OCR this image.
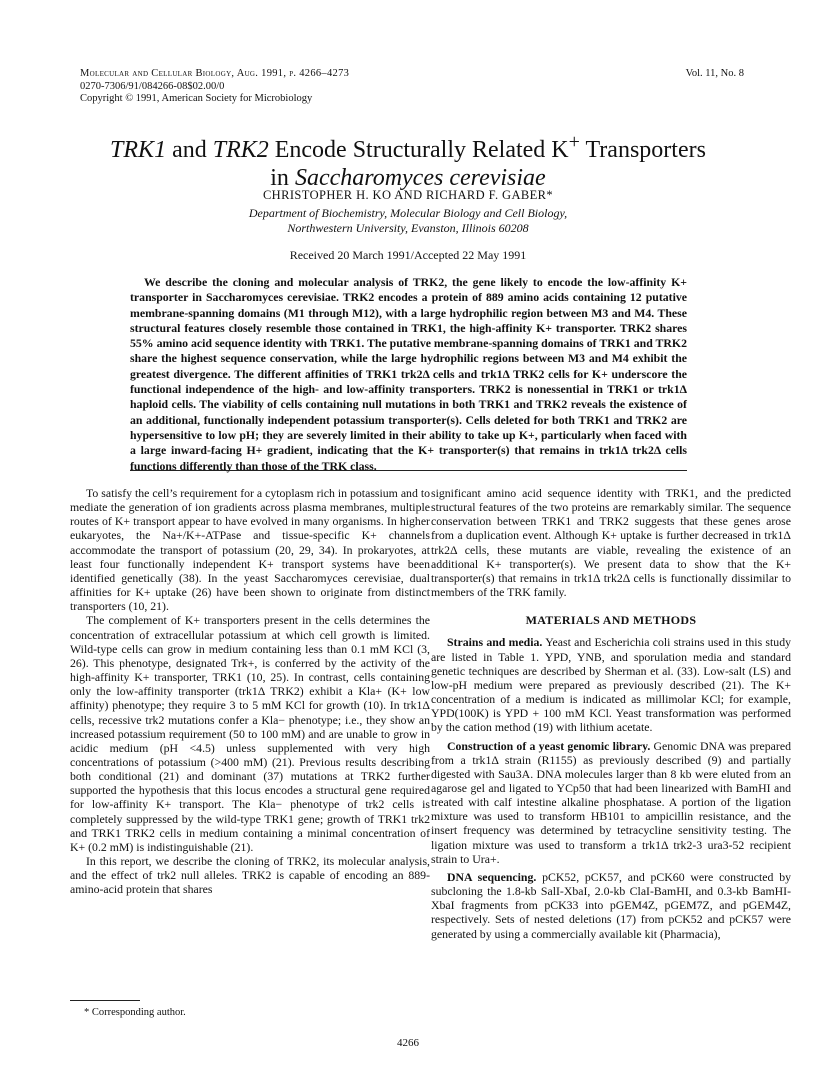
Molecular and Cellular Biology, Aug. 1991, p. 4266–4273
0270-7306/91/084266-08$02.00/0
Copyright © 1991, American Society for Microbiology
Vol. 11, No. 8
TRK1 and TRK2 Encode Structurally Related K+ Transporters
in Saccharomyces cerevisiae
CHRISTOPHER H. KO AND RICHARD F. GABER*
Department of Biochemistry, Molecular Biology and Cell Biology,
Northwestern University, Evanston, Illinois 60208
Received 20 March 1991/Accepted 22 May 1991

We describe the cloning and molecular analysis of TRK2, the gene likely to encode the low-affinity K+ transporter in Saccharomyces cerevisiae. TRK2 encodes a protein of 889 amino acids containing 12 putative membrane-spanning domains (M1 through M12), with a large hydrophilic region between M3 and M4. These structural features closely resemble those contained in TRK1, the high-affinity K+ transporter. TRK2 shares 55% amino acid sequence identity with TRK1. The putative membrane-spanning domains of TRK1 and TRK2 share the highest sequence conservation, while the large hydrophilic regions between M3 and M4 exhibit the greatest divergence. The different affinities of TRK1 trk2Δ cells and trk1Δ TRK2 cells for K+ underscore the functional independence of the high- and low-affinity transporters. TRK2 is nonessential in TRK1 or trk1Δ haploid cells. The viability of cells containing null mutations in both TRK1 and TRK2 reveals the existence of an additional, functionally independent potassium transporter(s). Cells deleted for both TRK1 and TRK2 are hypersensitive to low pH; they are severely limited in their ability to take up K+, particularly when faced with a large inward-facing H+ gradient, indicating that the K+ transporter(s) that remains in trk1Δ trk2Δ cells functions differently than those of the TRK class.

To satisfy the cell’s requirement for a cytoplasm rich in potassium and to mediate the generation of ion gradients across plasma membranes, multiple routes of K+ transport appear to have evolved in many organisms. In higher eukaryotes, the Na+/K+-ATPase and tissue-specific K+ channels accommodate the transport of potassium (20, 29, 34). In prokaryotes, at least four functionally independent K+ transport systems have been identified genetically (38). In the yeast Saccharomyces cerevisiae, dual affinities for K+ uptake (26) have been shown to originate from distinct transporters (10, 21).

The complement of K+ transporters present in the cells determines the concentration of extracellular potassium at which cell growth is limited. Wild-type cells can grow in medium containing less than 0.1 mM KCl (3, 26). This phenotype, designated Trk+, is conferred by the activity of the high-affinity K+ transporter, TRK1 (10, 25). In contrast, cells containing only the low-affinity transporter (trk1Δ TRK2) exhibit a Kla+ (K+ low affinity) phenotype; they require 3 to 5 mM KCl for growth (10). In trk1Δ cells, recessive trk2 mutations confer a Kla− phenotype; i.e., they show an increased potassium requirement (50 to 100 mM) and are unable to grow in acidic medium (pH <4.5) unless supplemented with very high concentrations of potassium (>400 mM) (21). Previous results describing both conditional (21) and dominant (37) mutations at TRK2 further supported the hypothesis that this locus encodes a structural gene required for low-affinity K+ transport. The Kla− phenotype of trk2 cells is completely suppressed by the wild-type TRK1 gene; growth of TRK1 trk2 and TRK1 TRK2 cells in medium containing a minimal concentration of K+ (0.2 mM) is indistinguishable (21).

In this report, we describe the cloning of TRK2, its molecular analysis, and the effect of trk2 null alleles. TRK2 is capable of encoding an 889-amino-acid protein that shares

significant amino acid sequence identity with TRK1, and the predicted structural features of the two proteins are remarkably similar. The sequence conservation between TRK1 and TRK2 suggests that these genes arose from a duplication event. Although K+ uptake is further decreased in trk1Δ trk2Δ cells, these mutants are viable, revealing the existence of an additional K+ transporter(s). We present data to show that the K+ transporter(s) that remains in trk1Δ trk2Δ cells is functionally dissimilar to members of the TRK family.

MATERIALS AND METHODS

Strains and media. Yeast and Escherichia coli strains used in this study are listed in Table 1. YPD, YNB, and sporulation media and standard genetic techniques are described by Sherman et al. (33). Low-salt (LS) and low-pH medium were prepared as previously described (21). The K+ concentration of a medium is indicated as millimolar KCl; for example, YPD(100K) is YPD + 100 mM KCl. Yeast transformation was performed by the cation method (19) with lithium acetate.

Construction of a yeast genomic library. Genomic DNA was prepared from a trk1Δ strain (R1155) as previously described (9) and partially digested with Sau3A. DNA molecules larger than 8 kb were eluted from an agarose gel and ligated to YCp50 that had been linearized with BamHI and treated with calf intestine alkaline phosphatase. A portion of the ligation mixture was used to transform HB101 to ampicillin resistance, and the insert frequency was determined by tetracycline sensitivity testing. The ligation mixture was used to transform a trk1Δ trk2-3 ura3-52 recipient strain to Ura+.

DNA sequencing. pCK52, pCK57, and pCK60 were constructed by subcloning the 1.8-kb SalI-XbaI, 2.0-kb ClaI-BamHI, and 0.3-kb BamHI-XbaI fragments from pCK33 into pGEM4Z, pGEM7Z, and pGEM4Z, respectively. Sets of nested deletions (17) from pCK52 and pCK57 were generated by using a commercially available kit (Pharmacia),

* Corresponding author.
4266
